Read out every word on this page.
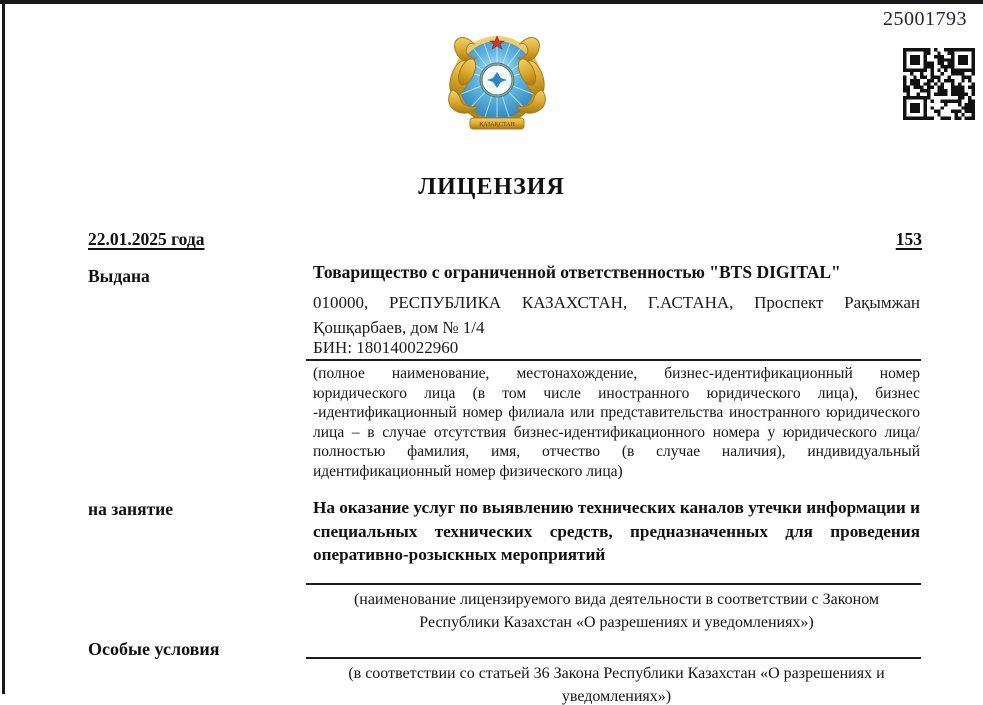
25001793
ҚАЗАҚСТАН
ЛИЦЕНЗИЯ
22.01.2025 года	153
Выдана	Товарищество с ограниченной ответственностью "BTS DIGITAL"
010000, РЕСПУБЛИКА КАЗАХСТАН, Г.АСТАНА, Проспект Рақымжан Қошқарбаев, дом № 1/4
БИН: 180140022960
(полное наименование, местонахождение, бизнес-идентификационный номер юридического лица (в том числе иностранного юридического лица), бизнес -идентификационный номер филиала или представительства иностранного юридического лица – в случае отсутствия бизнес-идентификационного номера у юридического лица/полностью фамилия, имя, отчество (в случае наличия), индивидуальный идентификационный номер физического лица)
на занятие	На оказание услуг по выявлению технических каналов утечки информации и специальных технических средств, предназначенных для проведения оперативно-розыскных мероприятий
(наименование лицензируемого вида деятельности в соответствии с Законом Республики Казахстан «О разрешениях и уведомлениях»)
Особые условия
(в соответствии со статьей 36 Закона Республики Казахстан «О разрешениях и уведомлениях»)
